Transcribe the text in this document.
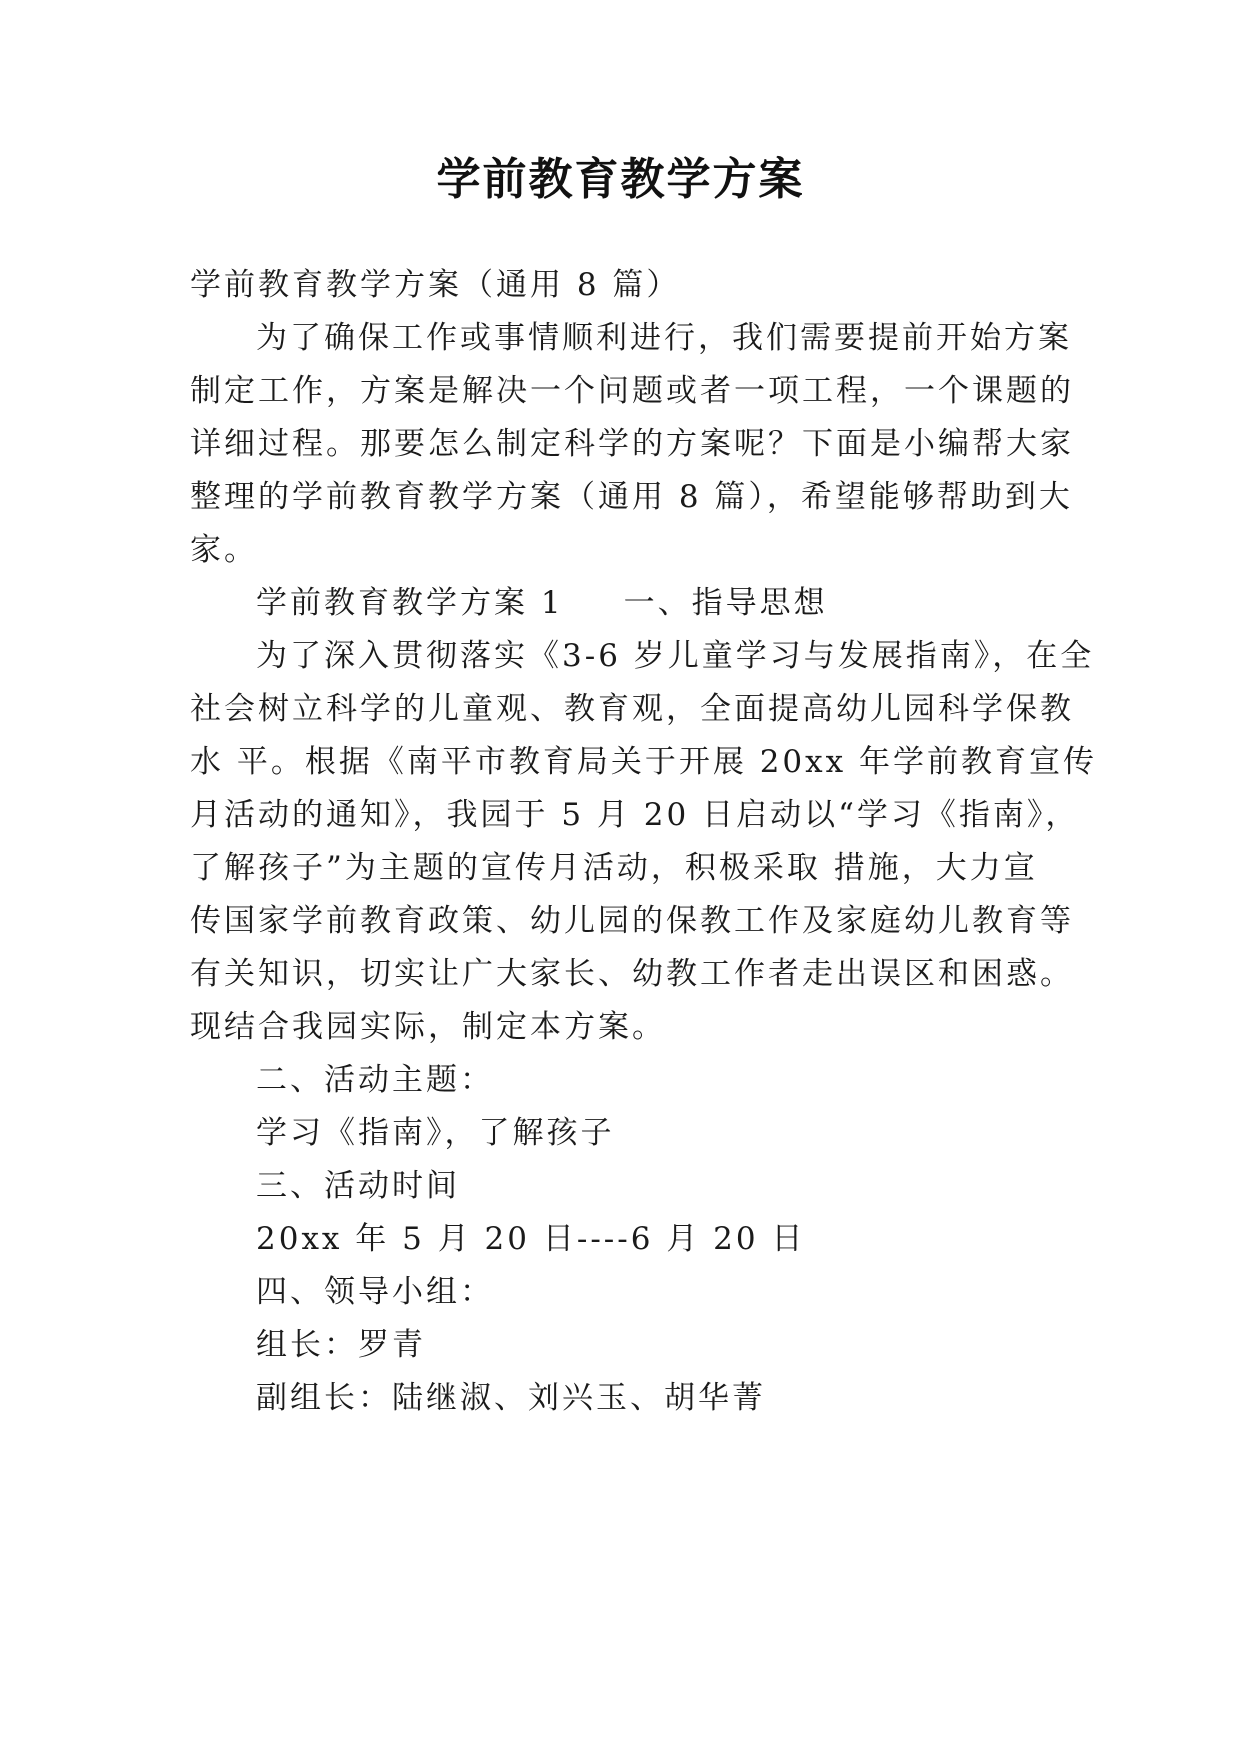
学前教育教学方案
学前教育教学方案（通用 8 篇）
为了确保工作或事情顺利进行，我们需要提前开始方案
制定工作，方案是解决一个问题或者一项工程，一个课题的
详细过程。那要怎么制定科学的方案呢？下面是小编帮大家
整理的学前教育教学方案（通用 8 篇），希望能够帮助到大
家。
学前教育教学方案 1 一、指导思想
为了深入贯彻落实《3-6 岁儿童学习与发展指南》，在全
社会树立科学的儿童观、教育观，全面提高幼儿园科学保教
水 平。根据《南平市教育局关于开展 20xx 年学前教育宣传
月活动的通知》，我园于 5 月 20 日启动以“学习《指南》，
了解孩子”为主题的宣传月活动，积极采取 措施，大力宣
传国家学前教育政策、幼儿园的保教工作及家庭幼儿教育等
有关知识，切实让广大家长、幼教工作者走出误区和困惑。
现结合我园实际，制定本方案。
二、活动主题：
学习《指南》，了解孩子
三、活动时间
20xx 年 5 月 20 日----6 月 20 日
四、领导小组：
组长：罗青
副组长：陆继淑、刘兴玉、胡华菁
